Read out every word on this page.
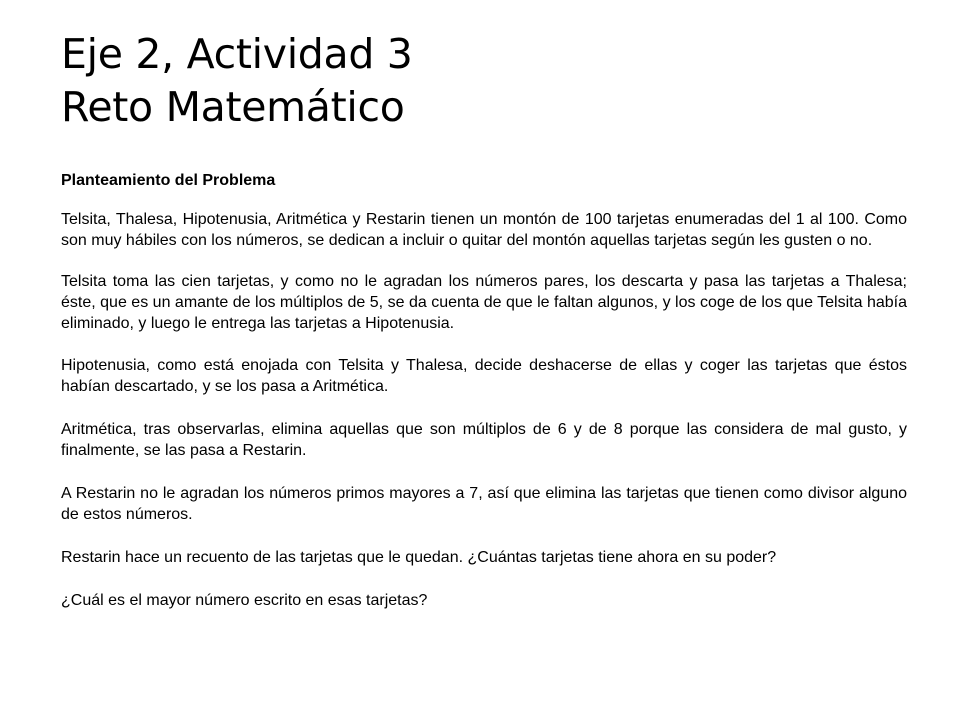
Eje 2, Actividad 3
Reto Matemático

Planteamiento del Problema

Telsita, Thalesa, Hipotenusia, Aritmética y Restarin tienen un montón de 100 tarjetas enumeradas del 1 al 100. Como son muy hábiles con los números, se dedican a incluir o quitar del montón aquellas tarjetas según les gusten o no.

Telsita toma las cien tarjetas, y como no le agradan los números pares, los descarta y pasa las tarjetas a Thalesa; éste, que es un amante de los múltiplos de 5, se da cuenta de que le faltan algunos, y los coge de los que Telsita había eliminado, y luego le entrega las tarjetas a Hipotenusia.

Hipotenusia, como está enojada con Telsita y Thalesa, decide deshacerse de ellas y coger las tarjetas que éstos habían descartado, y se los pasa a Aritmética.

Aritmética, tras observarlas, elimina aquellas que son múltiplos de 6 y de 8 porque las considera de mal gusto, y finalmente, se las pasa a Restarin.

A Restarin no le agradan los números primos mayores a 7, así que elimina las tarjetas que tienen como divisor alguno de estos números.

Restarin hace un recuento de las tarjetas que le quedan. ¿Cuántas tarjetas tiene ahora en su poder?

¿Cuál es el mayor número escrito en esas tarjetas?
